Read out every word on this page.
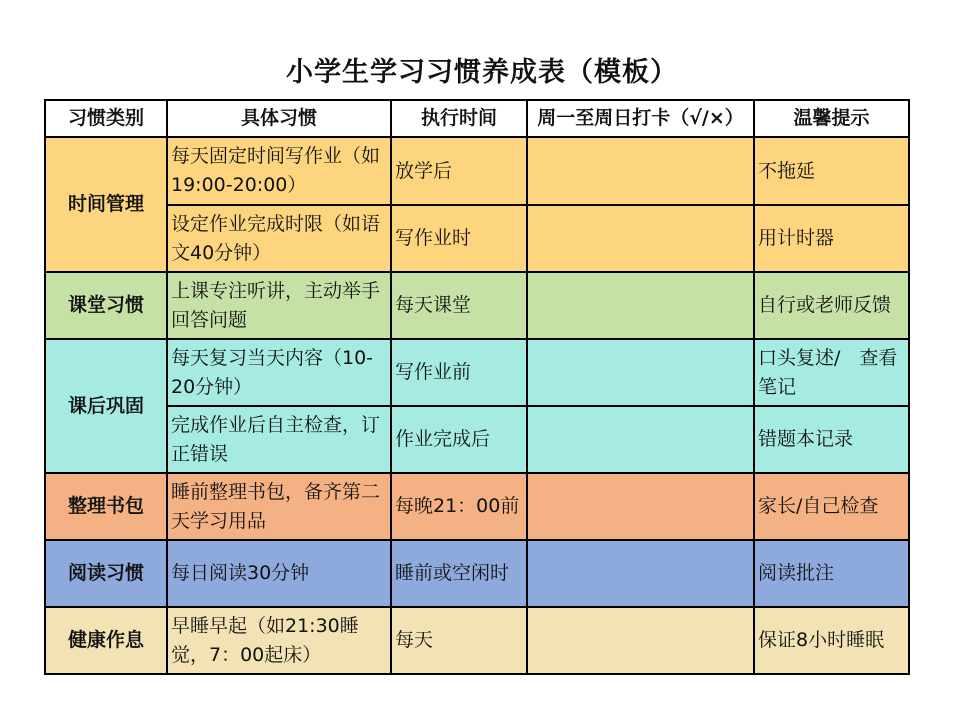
小学生学习习惯养成表（模板）
习惯类别	具体习惯	执行时间	周一至周日打卡（√/×）	温馨提示
时间管理	每天固定时间写作业（如19:00-20:00）	放学后		不拖延
	设定作业完成时限（如语文40分钟）	写作业时		用计时器
课堂习惯	上课专注听讲，主动举手回答问题	每天课堂		自行或老师反馈
课后巩固	每天复习当天内容（10-20分钟）	写作业前		口头复述/　查看笔记
	完成作业后自主检查，订正错误	作业完成后		错题本记录
整理书包	睡前整理书包，备齐第二天学习用品	每晚21：00前		家长/自己检查
阅读习惯	每日阅读30分钟	睡前或空闲时		阅读批注
健康作息	早睡早起（如21:30睡觉，7：00起床）	每天		保证8小时睡眠
